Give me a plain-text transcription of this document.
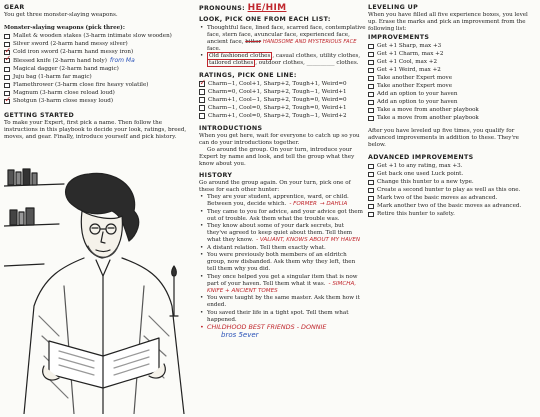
GEAR

You get three monster-slaying weapons.

Monster-slaying weapons (pick three):

Mallet & wooden stakes (3-harm intimate slow wooden)
Silver sword (2-harm hand messy silver)
✓
Cold iron sword (2-harm hand messy iron)
✓
Blessed knife (2-harm hand holy) from Ma
Magical dagger (2-harm hand magic)
Juju bag (1-harm far magic)
Flamethrower (3-harm close fire heavy volatile)
Magnum (3-harm close reload loud)
✓
Shotgun (3-harm close messy loud)
GETTING STARTED

To make your Expert, first pick a name. Then follow the instructions in this playbook to decide your look, ratings, breed, moves, and gear. Finally, introduce yourself and pick history.

PRONOUNS: HE/HIM
LOOK, PICK ONE FROM EACH LIST:
• Thoughtful face, lined face, scarred face, contemplative face, stern face, avuncular face, experienced face, ancient face, bitter HANDSOME AND MYSTERIOUS FACE face.
• Old fashioned clothes , casual clothes, utility clothes, tailored clothes , outdoor clothes, __________ clothes.
RATINGS, PICK ONE LINE:
✓
Charm−1, Cool+1, Sharp+2, Tough+1, Weird=0
Charm=0, Cool+1, Sharp+2, Tough−1, Weird+1
Charm+1, Cool−1, Sharp+2, Tough=0, Weird=0
Charm−1, Cool=0, Sharp+2, Tough=0, Weird+1
Charm+1, Cool=0, Sharp+2, Tough−1, Weird+2
INTRODUCTIONS

When you get here, wait for everyone to catch up so you can do your introductions together.

Go around the group. On your turn, introduce your Expert by name and look, and tell the group what they know about you.

HISTORY

Go around the group again. On your turn, pick one of these for each other hunter:

• They are your student, apprentice, ward, or child. Between you, decide which. - FORMER → DAHLIA
• They came to you for advice, and your advice got them out of trouble. Ask them what the trouble was.
• They know about some of your dark secrets, but they've agreed to keep quiet about them. Tell them what they know. - VALIANT, KNOWS ABOUT MY HAVEN
• A distant relation. Tell them exactly what.
• You were previously both members of an eldritch group, now disbanded. Ask them why they left, then tell them why you did.
• They once helped you get a singular item that is now part of your haven. Tell them what it was. - SIMCHA, KNIFE + ANCIENT TOMES
• You were taught by the same master. Ask them how it ended.
• You saved their life in a tight spot. Tell them what happened.
• CHILDHOOD BEST FRIENDS - DONNIE

bros 5ever

LEVELING UP

When you have filled all five experience boxes, you level up. Erase the marks and pick an improvement from the following list:

IMPROVEMENTS
Get +1 Sharp, max +3
Get +1 Charm, max +2
Get +1 Cool, max +2
Get +1 Weird, max +2
Take another Expert move
Take another Expert move
Add an option to your haven
Add an option to your haven
Take a move from another playbook
Take a move from another playbook

After you have leveled up five times, you qualify for advanced improvements in addition to these. They're below.

ADVANCED IMPROVEMENTS
Get +1 to any rating, max +3.
Get back one used Luck point.
Change this hunter to a new type.
Create a second hunter to play as well as this one.
Mark two of the basic moves as advanced.
Mark another two of the basic moves as advanced.
Retire this hunter to safety.
